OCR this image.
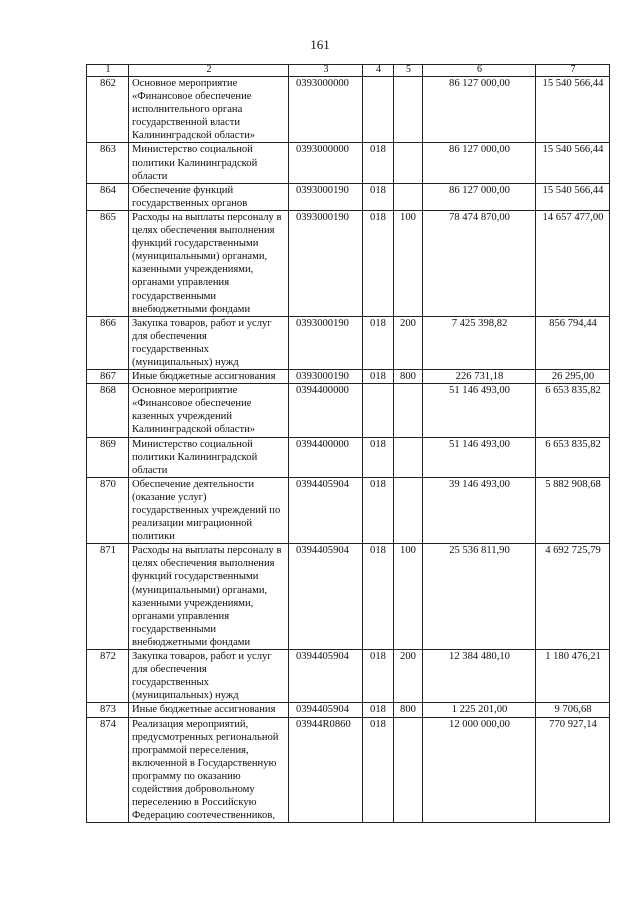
161
1	2	3	4	5	6	7
862	Основное мероприятие «Финансовое обеспечение исполнительного органа государственной власти Калининградской области»	0393000000			86 127 000,00	15 540 566,44
863	Министерство социальной политики Калининградской области	0393000000	018		86 127 000,00	15 540 566,44
864	Обеспечение функций государственных органов	0393000190	018		86 127 000,00	15 540 566,44
865	Расходы на выплаты персоналу в целях обеспечения выполнения функций государственными (муниципальными) органами, казенными учреждениями, органами управления государственными внебюджетными фондами	0393000190	018	100	78 474 870,00	14 657 477,00
866	Закупка товаров, работ и услуг для обеспечения государственных (муниципальных) нужд	0393000190	018	200	7 425 398,82	856 794,44
867	Иные бюджетные ассигнования	0393000190	018	800	226 731,18	26 295,00
868	Основное мероприятие «Финансовое обеспечение казенных учреждений Калининградской области»	0394400000			51 146 493,00	6 653 835,82
869	Министерство социальной политики Калининградской области	0394400000	018		51 146 493,00	6 653 835,82
870	Обеспечение деятельности (оказание услуг) государственных учреждений по реализации миграционной политики	0394405904	018		39 146 493,00	5 882 908,68
871	Расходы на выплаты персоналу в целях обеспечения выполнения функций государственными (муниципальными) органами, казенными учреждениями, органами управления государственными внебюджетными фондами	0394405904	018	100	25 536 811,90	4 692 725,79
872	Закупка товаров, работ и услуг для обеспечения государственных (муниципальных) нужд	0394405904	018	200	12 384 480,10	1 180 476,21
873	Иные бюджетные ассигнования	0394405904	018	800	1 225 201,00	9 706,68
874	Реализация мероприятий, предусмотренных региональной программой переселения, включенной в Государственную программу по оказанию содействия добровольному переселению в Российскую Федерацию соотечественников,	03944R0860	018		12 000 000,00	770 927,14
